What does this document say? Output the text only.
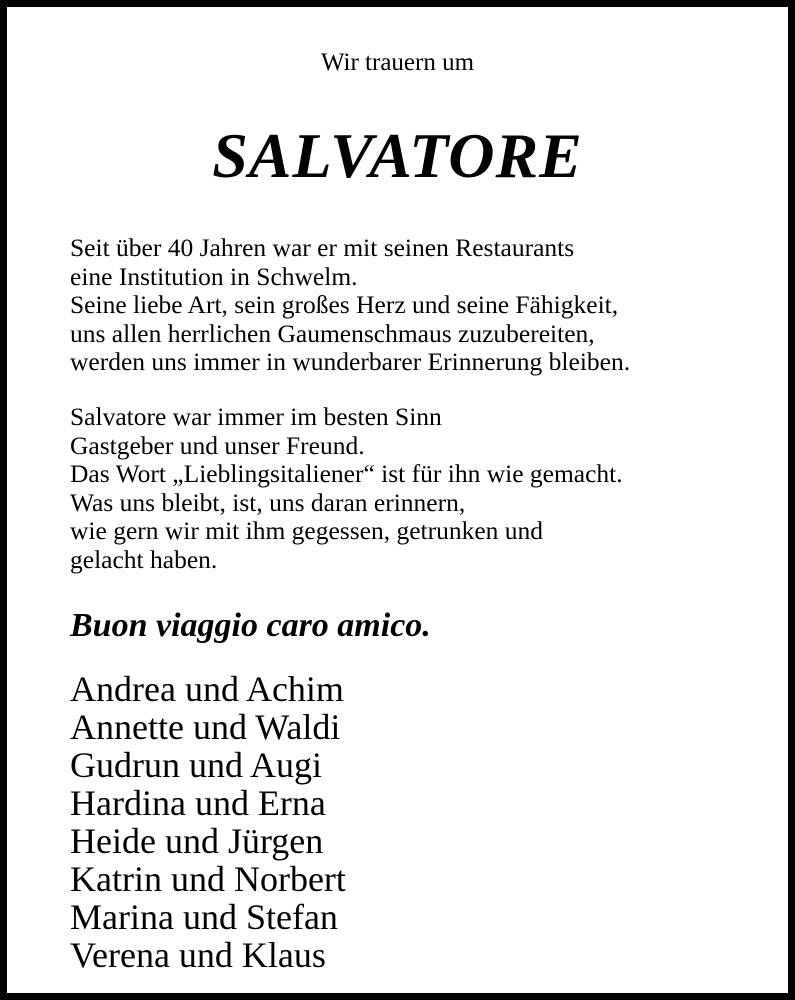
Wir trauern um
SALVATORE
Seit über 40 Jahren war er mit seinen Restaurants
eine Institution in Schwelm.
Seine liebe Art, sein großes Herz und seine Fähigkeit,
uns allen herrlichen Gaumenschmaus zuzubereiten,
werden uns immer in wunderbarer Erinnerung bleiben.
Salvatore war immer im besten Sinn
Gastgeber und unser Freund.
Das Wort „Lieblingsitaliener“ ist für ihn wie gemacht.
Was uns bleibt, ist, uns daran erinnern,
wie gern wir mit ihm gegessen, getrunken und
gelacht haben.
Buon viaggio caro amico.
Andrea und Achim
Annette und Waldi
Gudrun und Augi
Hardina und Erna
Heide und Jürgen
Katrin und Norbert
Marina und Stefan
Verena und Klaus
